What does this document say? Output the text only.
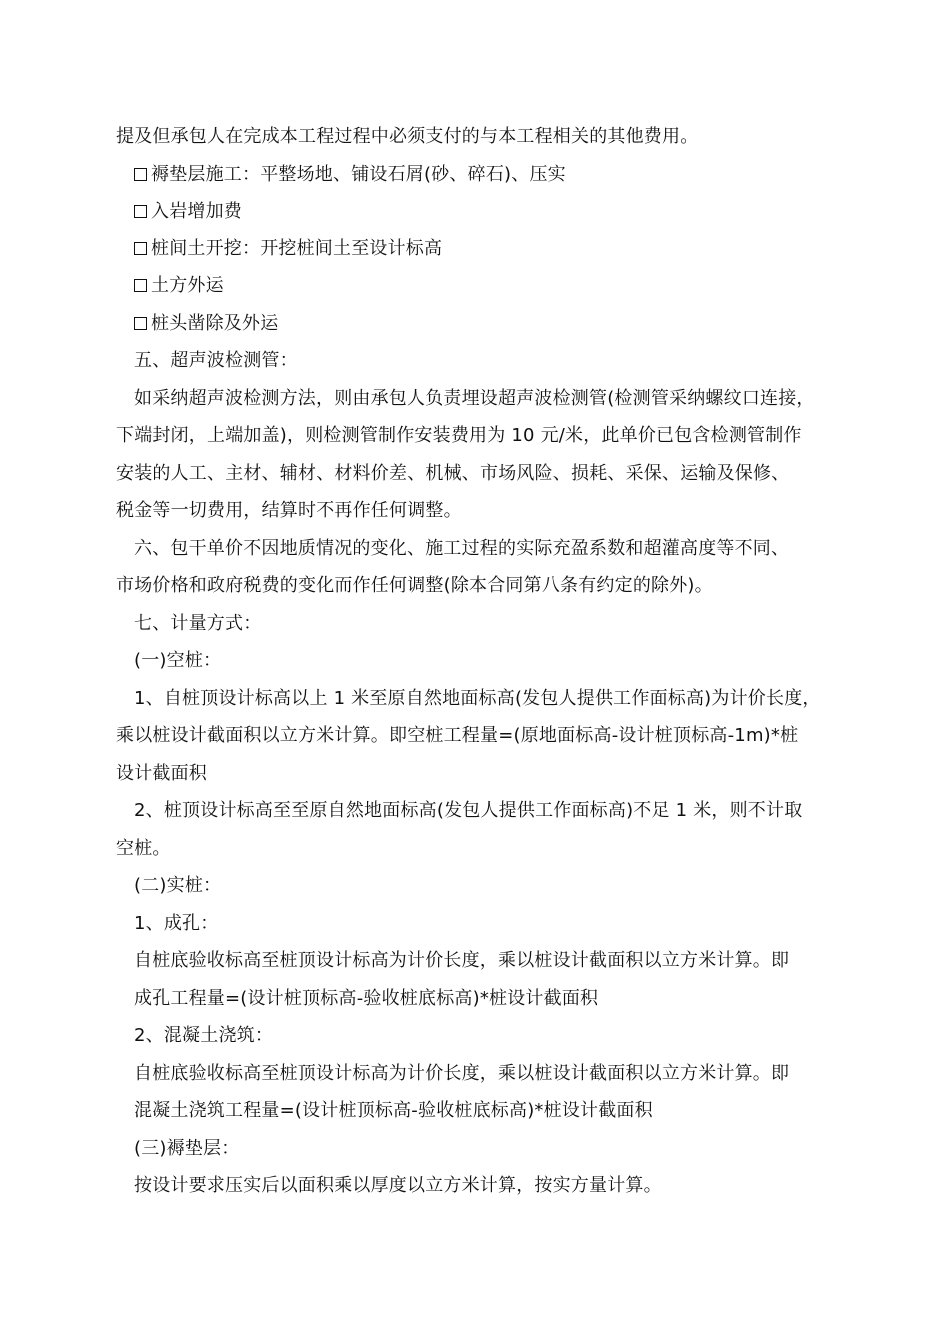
提及但承包人在完成本工程过程中必须支付的与本工程相关的其他费用。
褥垫层施工：平整场地、铺设石屑(砂、碎石)、压实
入岩增加费
桩间土开挖：开挖桩间土至设计标高
土方外运
桩头凿除及外运
五、超声波检测管：
如采纳超声波检测方法，则由承包人负责埋设超声波检测管(检测管采纳螺纹口连接，
下端封闭，上端加盖)，则检测管制作安装费用为 10 元/米，此单价已包含检测管制作
安装的人工、主材、辅材、材料价差、机械、市场风险、损耗、采保、运输及保修、
税金等一切费用，结算时不再作任何调整。
六、包干单价不因地质情况的变化、施工过程的实际充盈系数和超灌高度等不同、
市场价格和政府税费的变化而作任何调整(除本合同第八条有约定的除外)。
七、计量方式：
(一)空桩：
1、自桩顶设计标高以上 1 米至原自然地面标高(发包人提供工作面标高)为计价长度，
乘以桩设计截面积以立方米计算。即空桩工程量=(原地面标高-设计桩顶标高-1m)*桩
设计截面积
2、桩顶设计标高至至原自然地面标高(发包人提供工作面标高)不足 1 米，则不计取
空桩。
(二)实桩：
1、成孔：
自桩底验收标高至桩顶设计标高为计价长度，乘以桩设计截面积以立方米计算。即
成孔工程量=(设计桩顶标高-验收桩底标高)*桩设计截面积
2、混凝土浇筑：
自桩底验收标高至桩顶设计标高为计价长度，乘以桩设计截面积以立方米计算。即
混凝土浇筑工程量=(设计桩顶标高-验收桩底标高)*桩设计截面积
(三)褥垫层：
按设计要求压实后以面积乘以厚度以立方米计算，按实方量计算。
